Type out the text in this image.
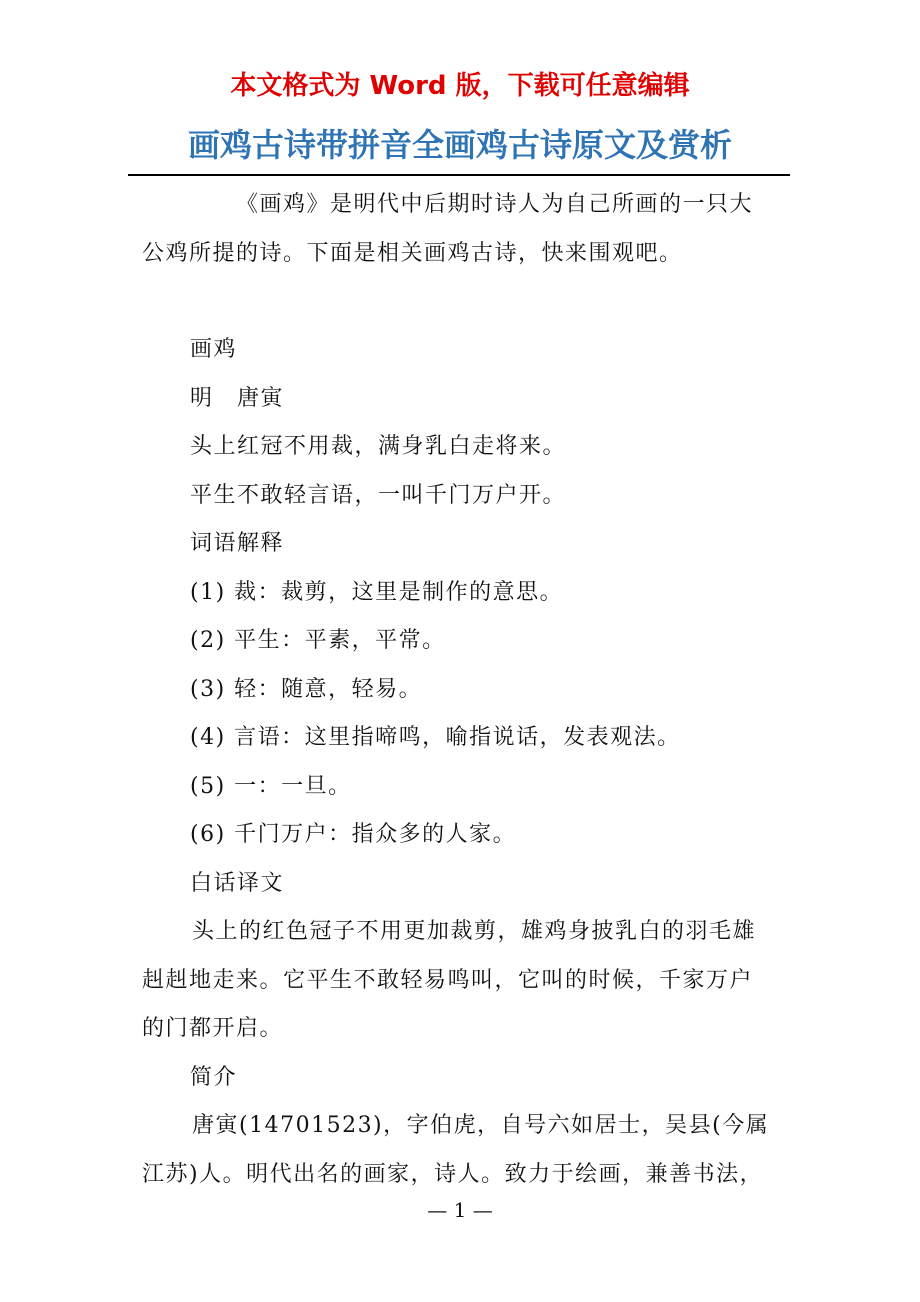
本文格式为 Word 版，下载可任意编辑
画鸡古诗带拼音全画鸡古诗原文及赏析

《画鸡》是明代中后期时诗人为自己所画的一只大公鸡所提的诗。下面是相关画鸡古诗，快来围观吧。

画鸡

明　唐寅

头上红冠不用裁，满身乳白走将来。

平生不敢轻言语，一叫千门万户开。

词语解释

(1) 裁：裁剪，这里是制作的意思。

(2) 平生：平素，平常。

(3) 轻：随意，轻易。

(4) 言语：这里指啼鸣，喻指说话，发表观法。

(5) 一：一旦。

(6) 千门万户：指众多的人家。

白话译文

头上的红色冠子不用更加裁剪，雄鸡身披乳白的羽毛雄赳赳地走来。它平生不敢轻易鸣叫，它叫的时候，千家万户的门都开启。

简介

唐寅(14701523)，字伯虎，自号六如居士，吴县(今属江苏)人。明代出名的画家，诗人。致力于绘画，兼善书法，

— 1 —
